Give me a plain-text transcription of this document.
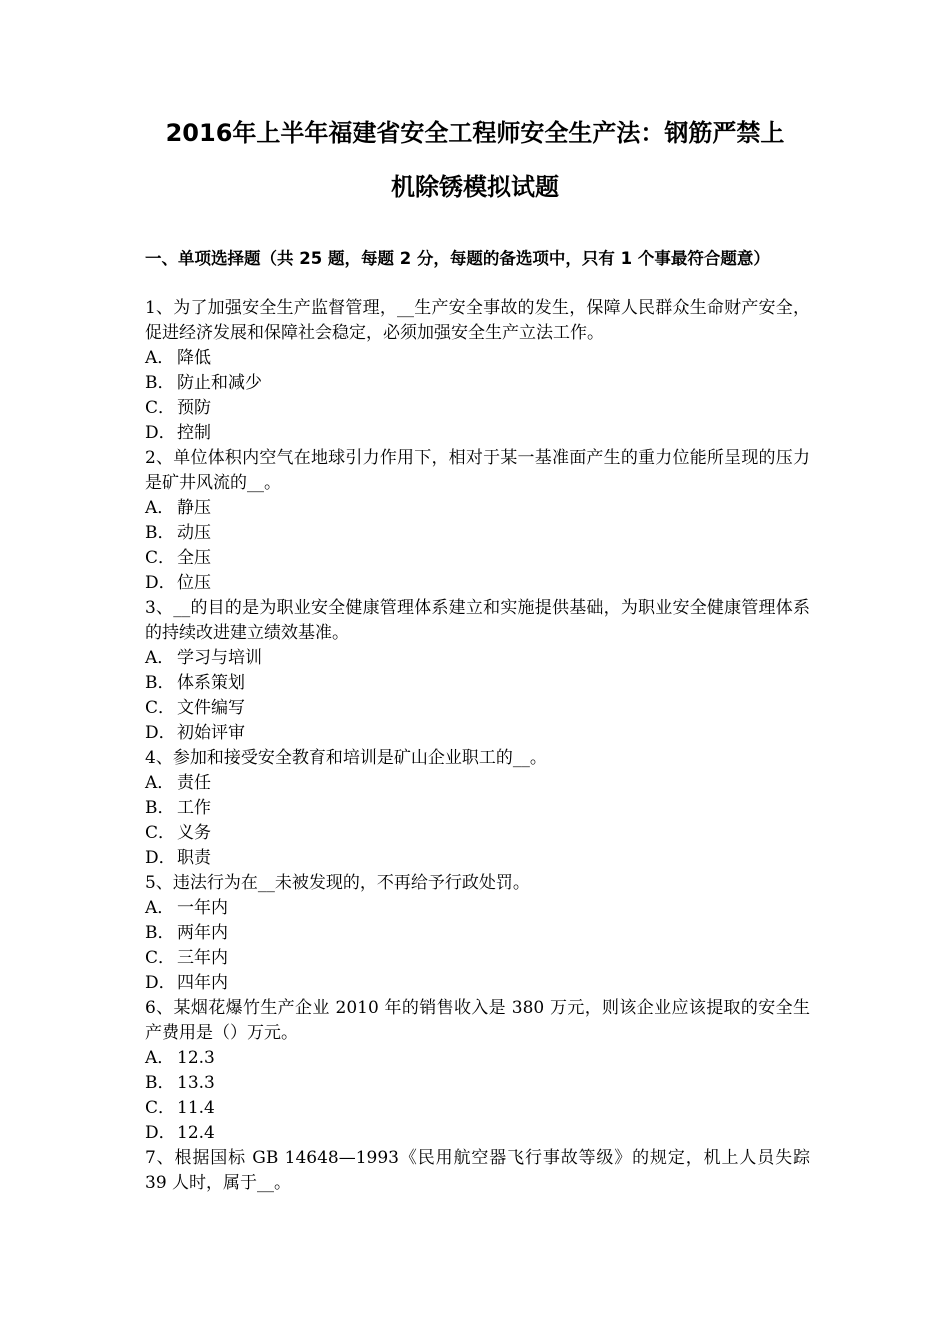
2016年上半年福建省安全工程师安全生产法：钢筋严禁上
机除锈模拟试题
一、单项选择题（共 25 题，每题 2 分，每题的备选项中，只有 1 个事最符合题意）

1、为了加强安全生产监督管理，__生产安全事故的发生，保障人民群众生命财产安全，促进经济发展和保障社会稳定，必须加强安全生产立法工作。

A． 降低

B． 防止和减少

C． 预防

D．控制

2、单位体积内空气在地球引力作用下，相对于某一基准面产生的重力位能所呈现的压力是矿井风流的__。

A． 静压

B． 动压

C． 全压

D．位压

3、__的目的是为职业安全健康管理体系建立和实施提供基础，为职业安全健康管理体系的持续改进建立绩效基准。

A． 学习与培训

B． 体系策划

C． 文件编写

D．初始评审

4、参加和接受安全教育和培训是矿山企业职工的__。

A． 责任

B． 工作

C． 义务

D．职责

5、违法行为在__未被发现的，不再给予行政处罚。

A． 一年内

B． 两年内

C． 三年内

D．四年内

6、某烟花爆竹生产企业 2010 年的销售收入是 380 万元，则该企业应该提取的安全生产费用是（）万元。

A． 12.3

B． 13.3

C． 11.4

D．12.4

7、根据国标 GB 14648—1993《民用航空器飞行事故等级》的规定，机上人员失踪 39 人时，属于__。
